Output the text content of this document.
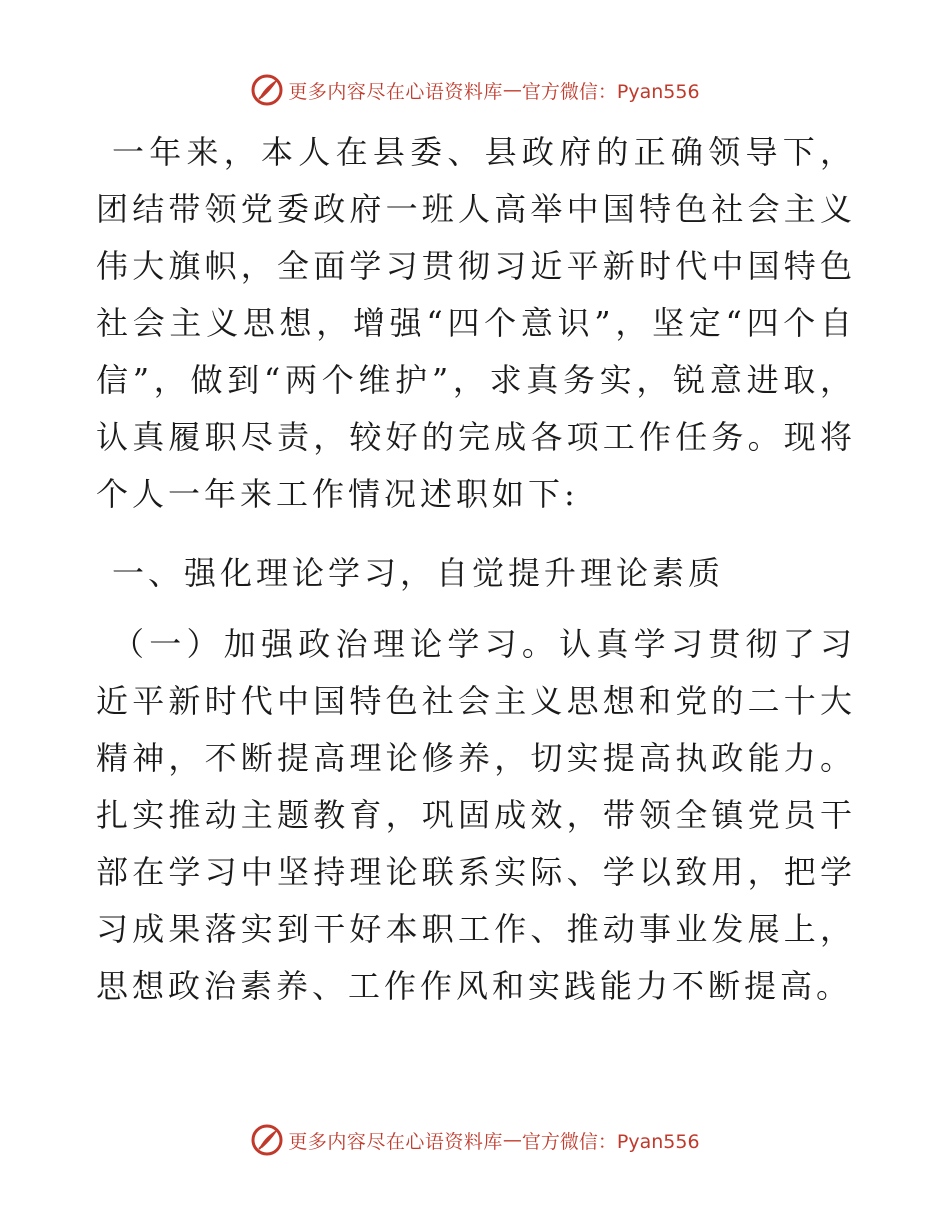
更多内容尽在心语资料库 — 官方微信：Pyan556

一年来，本人在县委、县政府的正确领导下，团结带领党委政府一班人高举中国特色社会主义伟大旗帜，全面学习贯彻习近平新时代中国特色社会主义思想，增强“四个意识”，坚定“四个自信”，做到“两个维护”，求真务实，锐意进取，认真履职尽责，较好的完成各项工作任务。现将个人一年来工作情况述职如下:

一、强化理论学习，自觉提升理论素质

（一）加强政治理论学习。认真学习贯彻了习近平新时代中国特色社会主义思想和党的二十大精神，不断提高理论修养，切实提高执政能力。扎实推动主题教育，巩固成效，带领全镇党员干部在学习中坚持理论联系实际、学以致用，把学习成果落实到干好本职工作、推动事业发展上，思想政治素养、工作作风和实践能力不断提高。

更多内容尽在心语资料库 — 官方微信：Pyan556
